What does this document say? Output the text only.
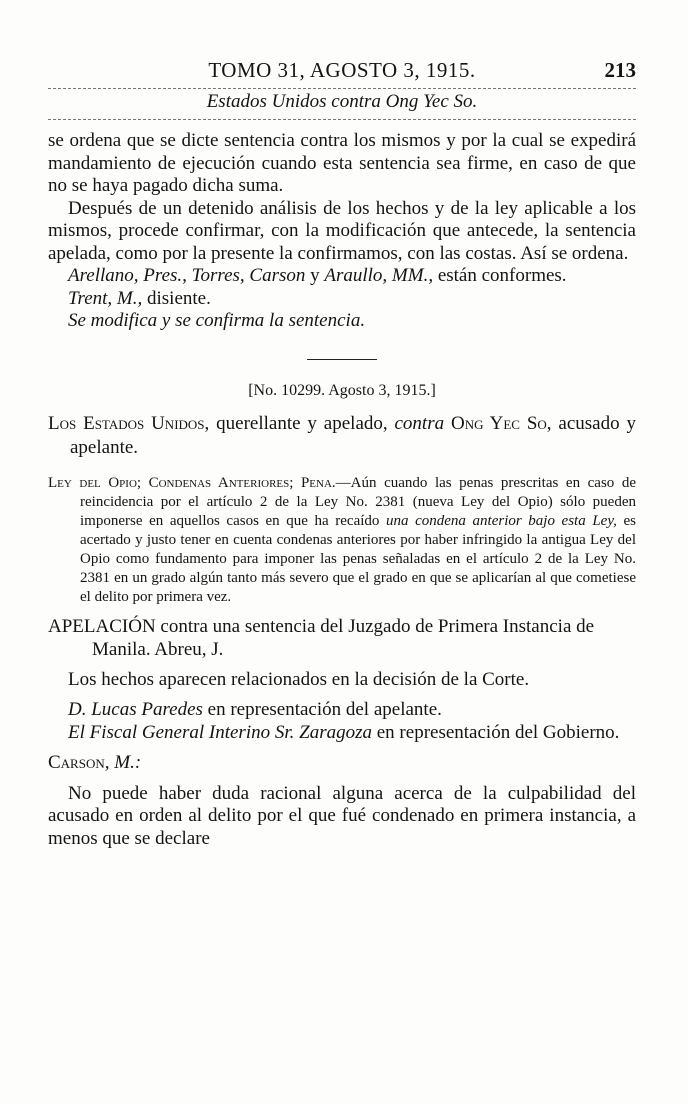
TOMO 31, AGOSTO 3, 1915.	213
Estados Unidos contra Ong Yec So.

se ordena que se dicte sentencia contra los mismos y por la cual se expedirá mandamiento de ejecución cuando esta sentencia sea firme, en caso de que no se haya pagado dicha suma.

Después de un detenido análisis de los hechos y de la ley aplicable a los mismos, procede confirmar, con la modificación que antecede, la sentencia apelada, como por la presente la confirmamos, con las costas. Así se ordena.

Arellano, Pres., Torres, Carson y Araullo, MM., están conformes.

Trent, M., disiente.

Se modifica y se confirma la sentencia.

[No. 10299. Agosto 3, 1915.]

Los Estados Unidos, querellante y apelado, contra Ong Yec So, acusado y apelante.

Ley del Opio; Condenas Anteriores; Pena.—Aún cuando las penas prescritas en caso de reincidencia por el artículo 2 de la Ley No. 2381 (nueva Ley del Opio) sólo pueden imponerse en aquellos casos en que ha recaído una condena anterior bajo esta Ley, es acertado y justo tener en cuenta condenas anteriores por haber infringido la antigua Ley del Opio como fundamento para imponer las penas señaladas en el artículo 2 de la Ley No. 2381 en un grado algún tanto más severo que el grado en que se aplicarían al que cometiese el delito por primera vez.

APELACIÓN contra una sentencia del Juzgado de Primera Instancia de Manila. Abreu, J.

Los hechos aparecen relacionados en la decisión de la Corte.

D. Lucas Paredes en representación del apelante.

El Fiscal General Interino Sr. Zaragoza en representación del Gobierno.

Carson, M.:

No puede haber duda racional alguna acerca de la culpabilidad del acusado en orden al delito por el que fué condenado en primera instancia, a menos que se declare
